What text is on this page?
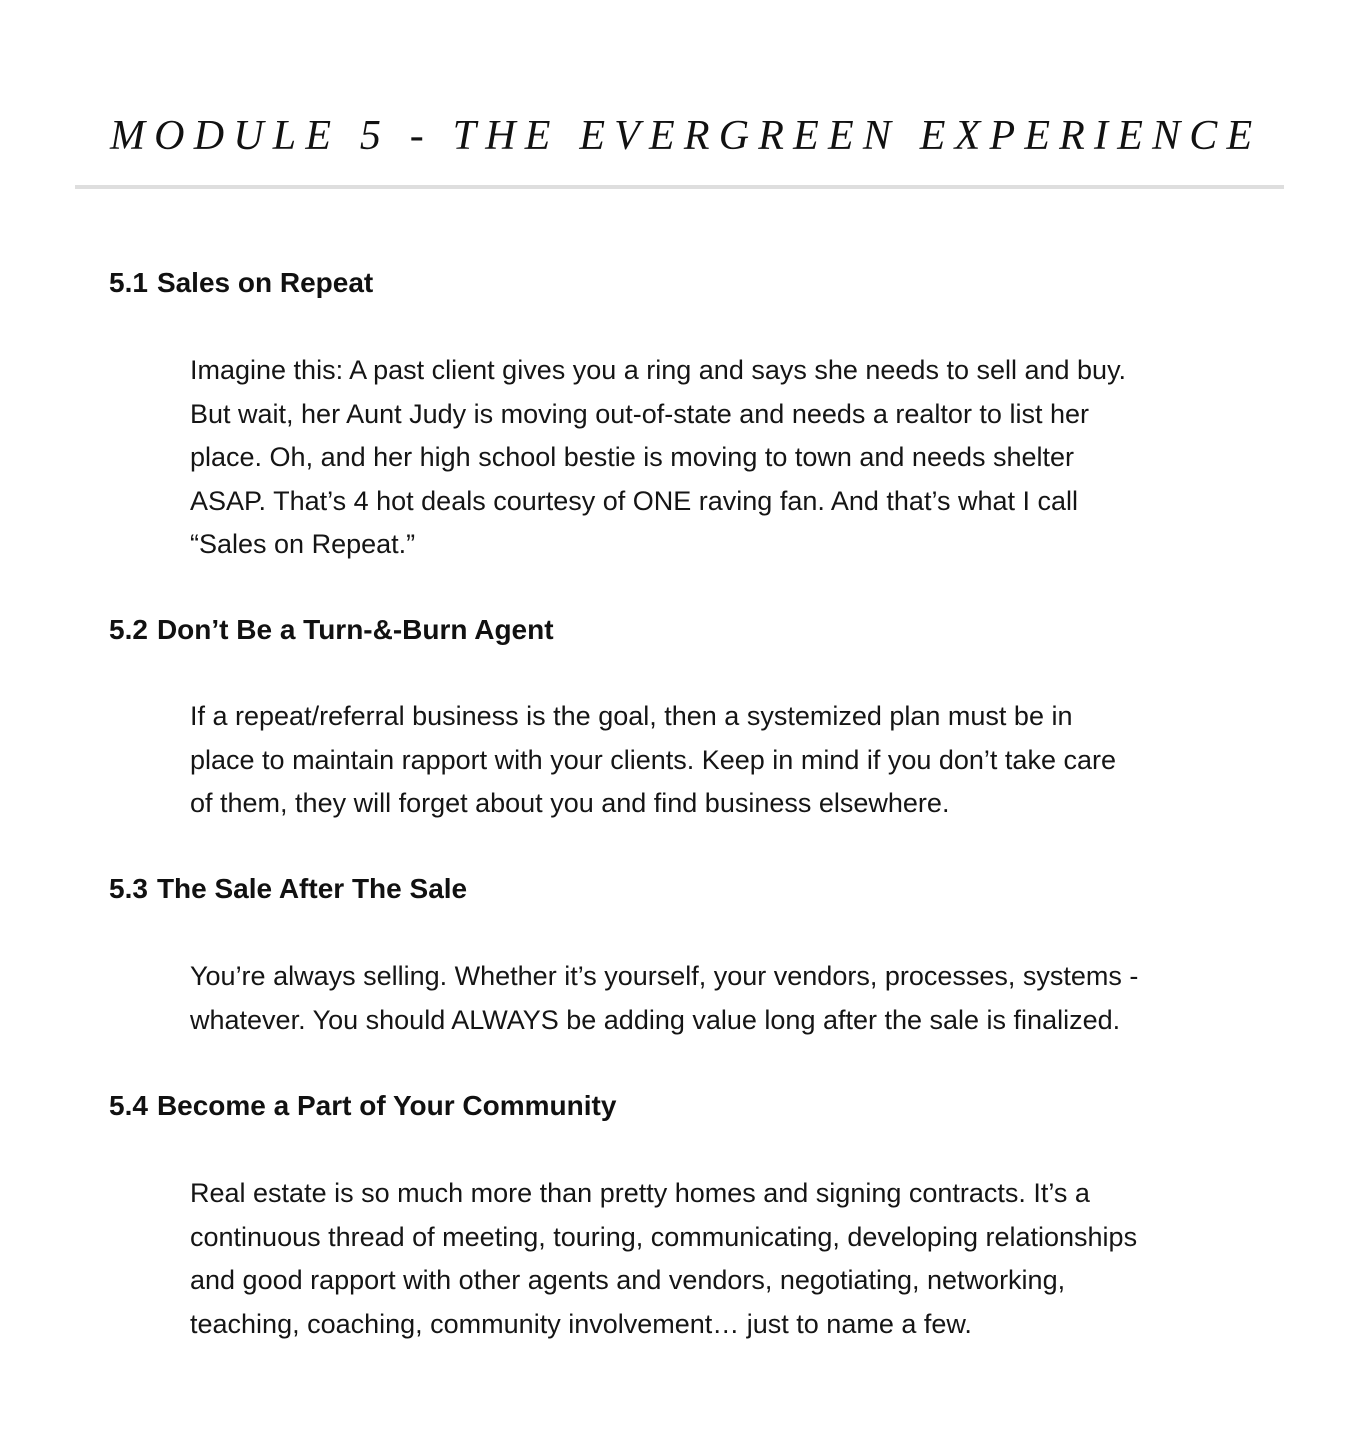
MODULE 5 - THE EVERGREEN EXPERIENCE
5.1 Sales on Repeat
Imagine this: A past client gives you a ring and says she needs to sell and buy.
But wait, her Aunt Judy is moving out-of-state and needs a realtor to list her
place. Oh, and her high school bestie is moving to town and needs shelter
ASAP. That’s 4 hot deals courtesy of ONE raving fan. And that’s what I call
“Sales on Repeat.”
5.2 Don’t Be a Turn-&-Burn Agent
If a repeat/referral business is the goal, then a systemized plan must be in
place to maintain rapport with your clients. Keep in mind if you don’t take care
of them, they will forget about you and find business elsewhere.
5.3 The Sale After The Sale
You’re always selling. Whether it’s yourself, your vendors, processes, systems -
whatever. You should ALWAYS be adding value long after the sale is finalized.
5.4 Become a Part of Your Community
Real estate is so much more than pretty homes and signing contracts. It’s a
continuous thread of meeting, touring, communicating, developing relationships
and good rapport with other agents and vendors, negotiating, networking,
teaching, coaching, community involvement… just to name a few.
